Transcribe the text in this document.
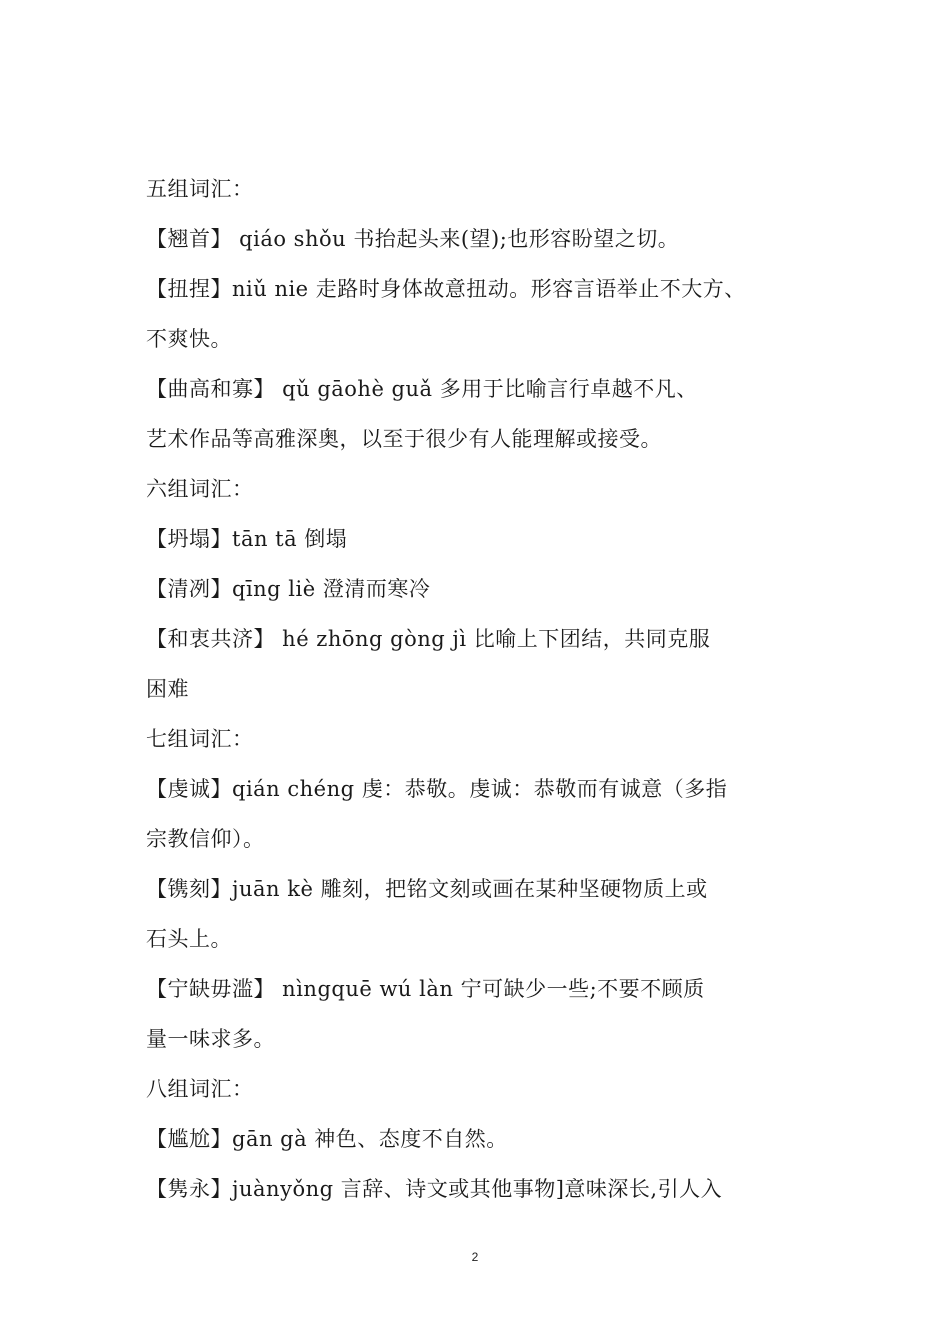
五组词汇：
【翘首】 qiáo shǒu 书抬起头来(望);也形容盼望之切。
【扭捏】niǔ nie 走路时身体故意扭动。形容言语举止不大方、
不爽快。
【曲高和寡】 qǔ gāohè guǎ 多用于比喻言行卓越不凡、
艺术作品等高雅深奥，以至于很少有人能理解或接受。
六组词汇：
【坍塌】tān tā 倒塌
【清冽】qīng liè 澄清而寒冷
【和衷共济】 hé zhōng gòng jì 比喻上下团结，共同克服
困难
七组词汇：
【虔诚】qián chéng 虔：恭敬。虔诚：恭敬而有诚意（多指
宗教信仰）。
【镌刻】juān kè 雕刻，把铭文刻或画在某种坚硬物质上或
石头上。
【宁缺毋滥】 nìngquē wú làn 宁可缺少一些;不要不顾质
量一味求多。
八组词汇：
【尴尬】gān gà 神色、态度不自然。
【隽永】juànyǒng 言辞、诗文或其他事物]意味深长,引人入
2
